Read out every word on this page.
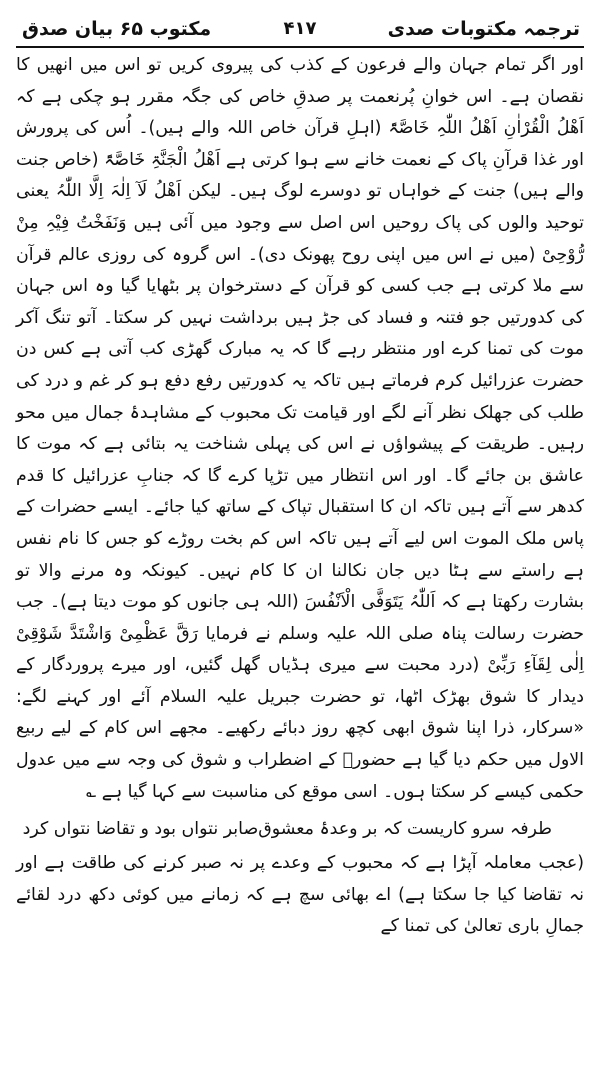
ترجمہ مکتوبات صدی
۴۱۷
مکتوب ۶۵ بیان صدق

اور اگر تمام جہان والے فرعون کے کذب کی پیروی کریں تو اس میں انھیں کا نقصان ہے۔ اس خوانِ پُرنعمت پر صدقِ خاص کی جگہ مقرر ہو چکی ہے کہ اَھْلُ الْقُرْاٰنِ اَھْلُ اللّٰہِ خَاصَّۃً (اہلِ قرآن خاص اللہ والے ہیں)۔ اُس کی پرورش اور غذا قرآنِ پاک کے نعمت خانے سے ہوا کرتی ہے اَھْلُ الْجَنَّۃِ خَاصَّۃً (خاص جنت والے ہیں) جنت کے خواہاں تو دوسرے لوگ ہیں۔ لیکن اَھْلُ لَآ اِلٰہَ اِلَّا اللّٰہُ یعنی توحید والوں کی پاک روحیں اس اصل سے وجود میں آئی ہیں وَنَفَخْتُ فِیْہِ مِنْ رُّوْحِیْ (میں نے اس میں اپنی روح پھونک دی)۔ اس گروہ کی روزی عالم قرآن سے ملا کرتی ہے جب کسی کو قرآن کے دسترخوان پر بٹھایا گیا وہ اس جہان کی کدورتیں جو فتنہ و فساد کی جڑ ہیں برداشت نہیں کر سکتا۔ آتو تنگ آکر موت کی تمنا کرے اور منتظر رہے گا کہ یہ مبارک گھڑی کب آتی ہے کس دن حضرت عزرائیل کرم فرماتے ہیں تاکہ یہ کدورتیں رفع دفع ہو کر غم و درد کی طلب کی جھلک نظر آنے لگے اور قیامت تک محبوب کے مشاہدۂ جمال میں محو رہیں۔ طریقت کے پیشواؤں نے اس کی پہلی شناخت یہ بتائی ہے کہ موت کا عاشق بن جائے گا۔ اور اس انتظار میں تڑپا کرے گا کہ جنابِ عزرائیل کا قدم کدھر سے آتے ہیں تاکہ ان کا استقبال تپاک کے ساتھ کیا جائے۔ ایسے حضرات کے پاس ملک الموت اس لیے آتے ہیں تاکہ اس کم بخت روڑے کو جس کا نام نفس ہے راستے سے ہٹا دیں جان نکالنا ان کا کام نہیں۔ کیونکہ وہ مرنے والا تو بشارت رکھتا ہے کہ اَللّٰہُ یَتَوَفَّی الْاَنْفُسَ (اللہ ہی جانوں کو موت دیتا ہے)۔ جب حضرت رسالت پناہ صلی اللہ علیہ وسلم نے فرمایا رَقَّ عَظْمِیْ وَاشْتَدَّ شَوْقِیْ اِلٰی لِقَآءِ رَبِّیْ (درد محبت سے میری ہڈیاں گھل گئیں، اور میرے پروردگار کے دیدار کا شوق بھڑک اٹھا، تو حضرت جبریل علیہ السلام آئے اور کہنے لگے: «سرکار، ذرا اپنا شوق ابھی کچھ روز دبائے رکھیے۔ مجھے اس کام کے لیے ربیع الاول میں حکم دیا گیا ہے حضورؐ کے اضطراب و شوق کی وجہ سے میں عدول حکمی کیسے کر سکتا ہوں۔ اسی موقع کی مناسبت سے کہا گیا ہے ؎

طرفہ سرو کاریست کہ بر وعدۂ معشوق
صابر نتواں بود و تقاضا نتواں کرد

(عجب معاملہ آپڑا ہے کہ محبوب کے وعدے پر نہ صبر کرنے کی طاقت ہے اور نہ تقاضا کیا جا سکتا ہے) اے بھائی سچ ہے کہ زمانے میں کوئی دکھ درد لقائے جمالِ باری تعالیٰ کی تمنا کے
